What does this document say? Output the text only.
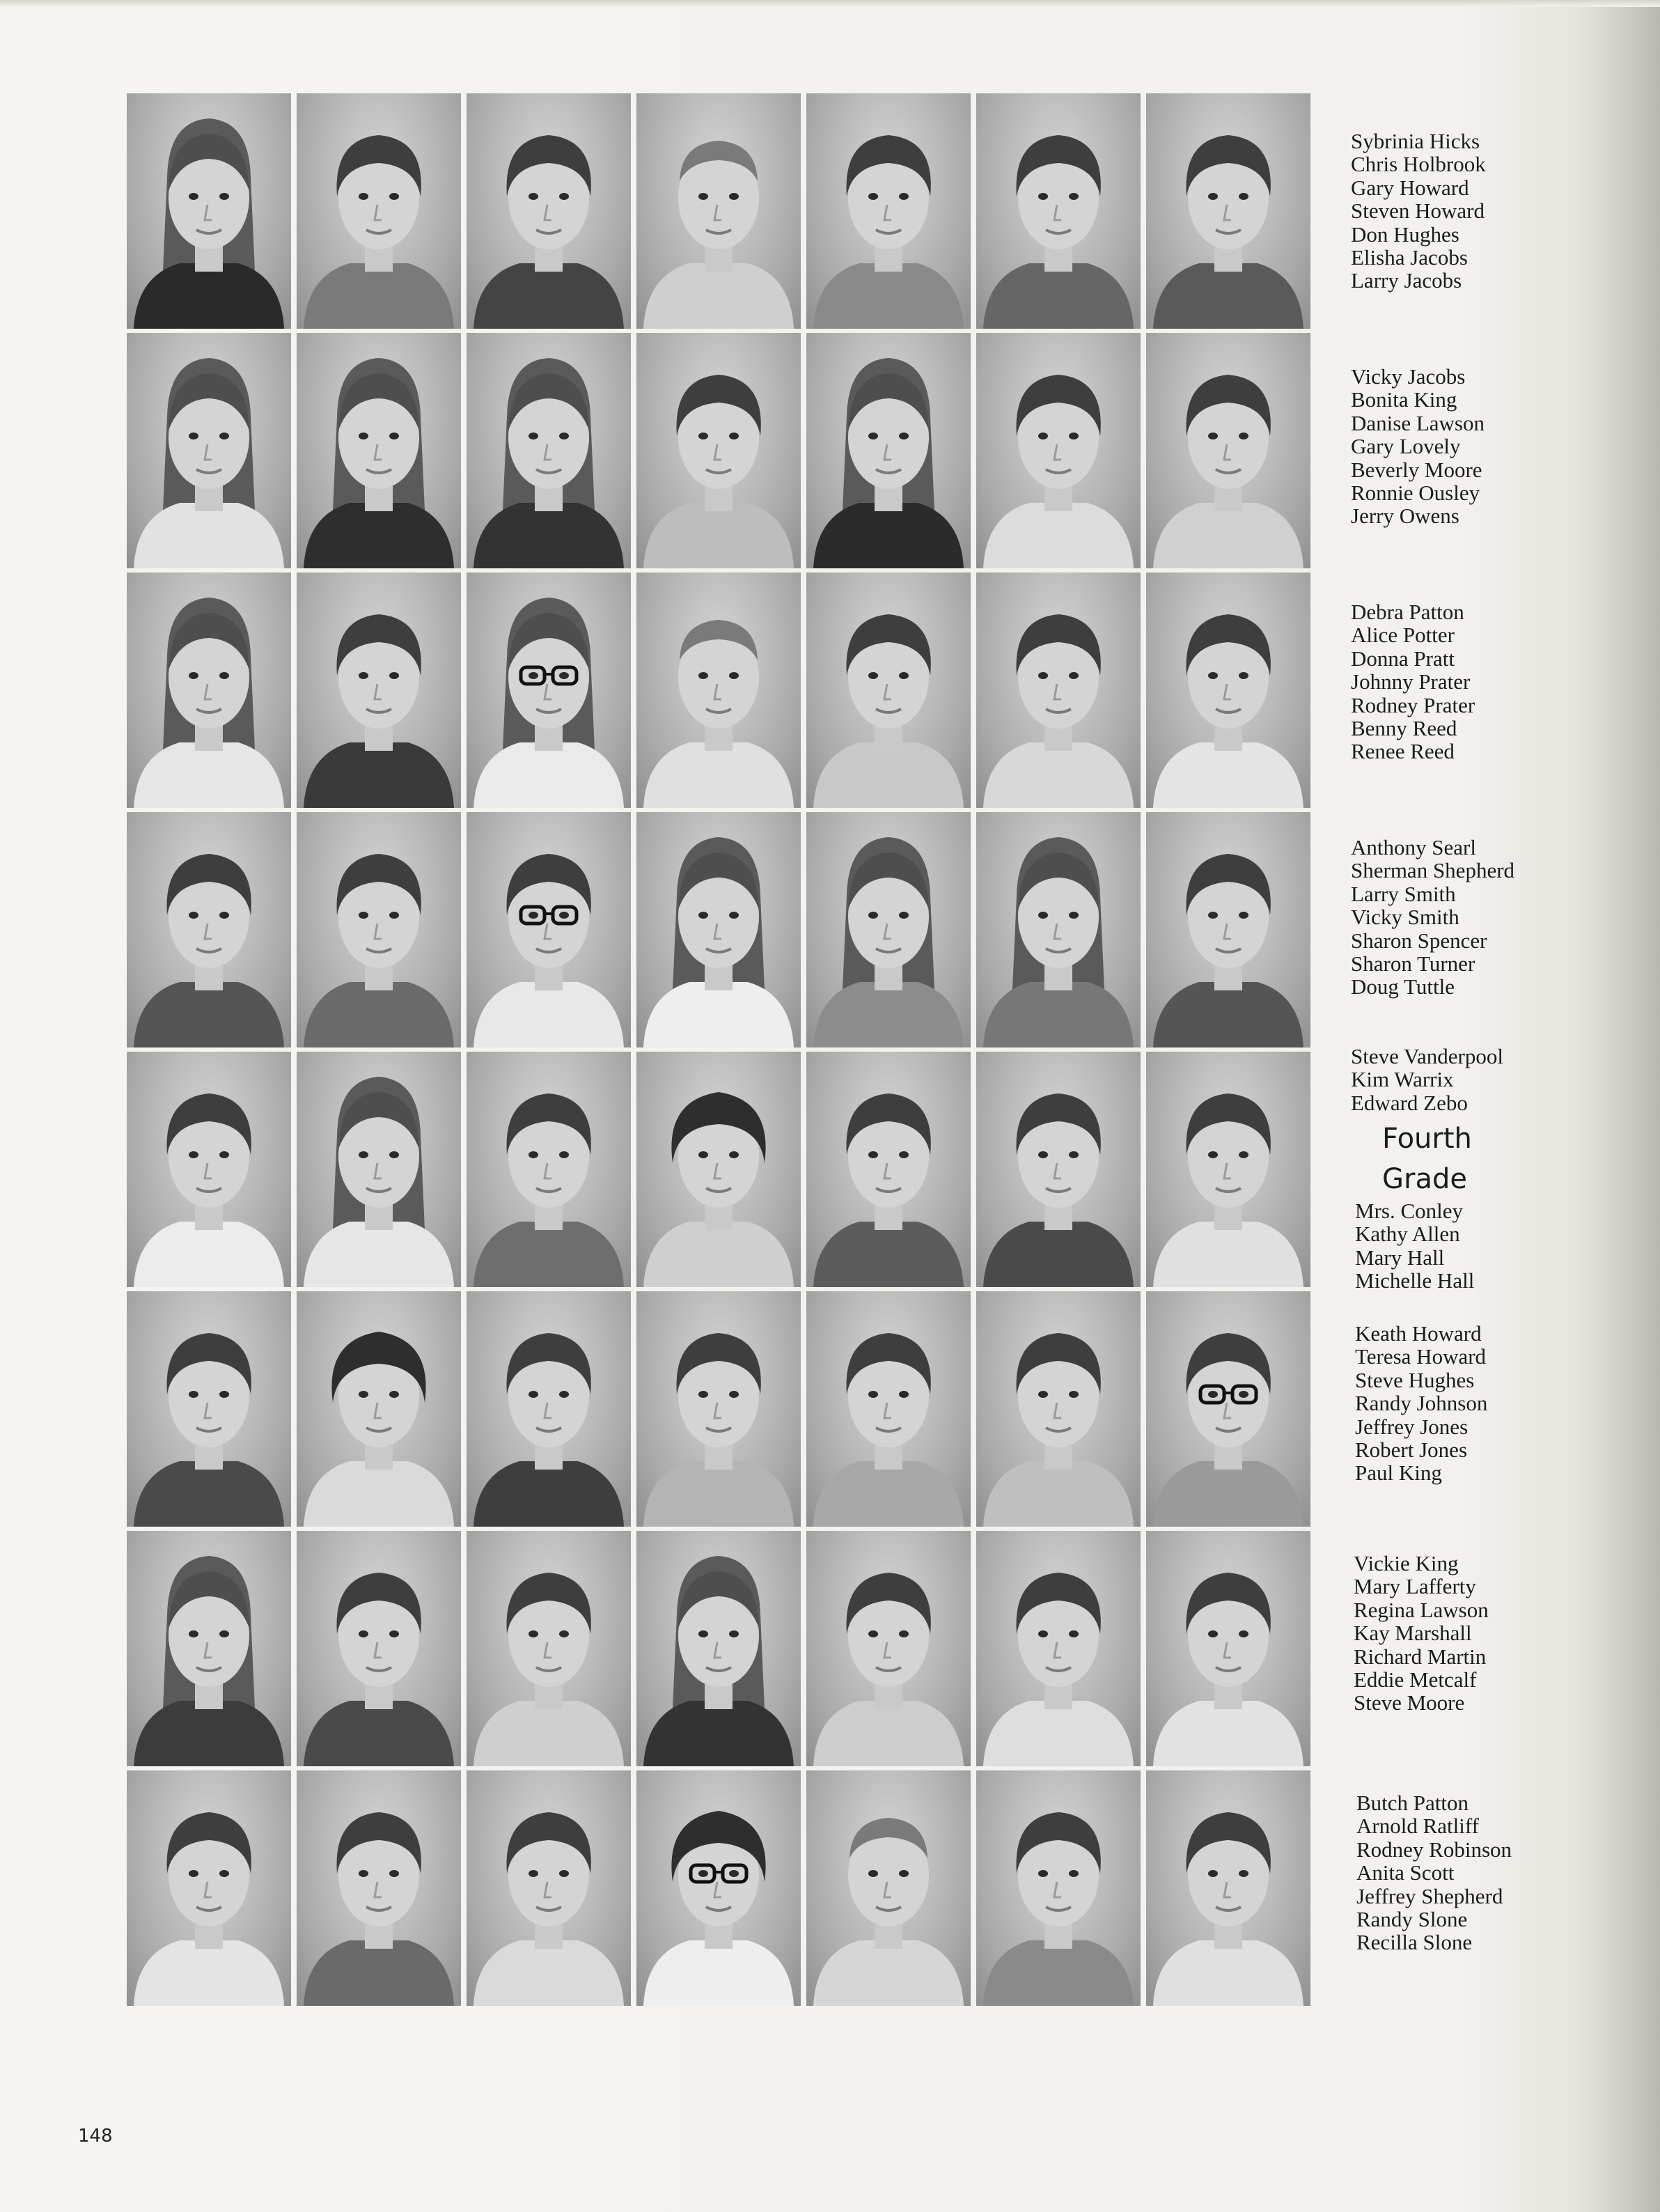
Sybrinia Hicks
Chris Holbrook
Gary Howard
Steven Howard
Don Hughes
Elisha Jacobs
Larry Jacobs
Vicky Jacobs
Bonita King
Danise Lawson
Gary Lovely
Beverly Moore
Ronnie Ousley
Jerry Owens
Debra Patton
Alice Potter
Donna Pratt
Johnny Prater
Rodney Prater
Benny Reed
Renee Reed
Anthony Searl
Sherman Shepherd
Larry Smith
Vicky Smith
Sharon Spencer
Sharon Turner
Doug Tuttle
Steve Vanderpool
Kim Warrix
Edward Zebo
Fourth
Grade
Mrs. Conley
Kathy Allen
Mary Hall
Michelle Hall
Keath Howard
Teresa Howard
Steve Hughes
Randy Johnson
Jeffrey Jones
Robert Jones
Paul King
Vickie King
Mary Lafferty
Regina Lawson
Kay Marshall
Richard Martin
Eddie Metcalf
Steve Moore
Butch Patton
Arnold Ratliff
Rodney Robinson
Anita Scott
Jeffrey Shepherd
Randy Slone
Recilla Slone
148
